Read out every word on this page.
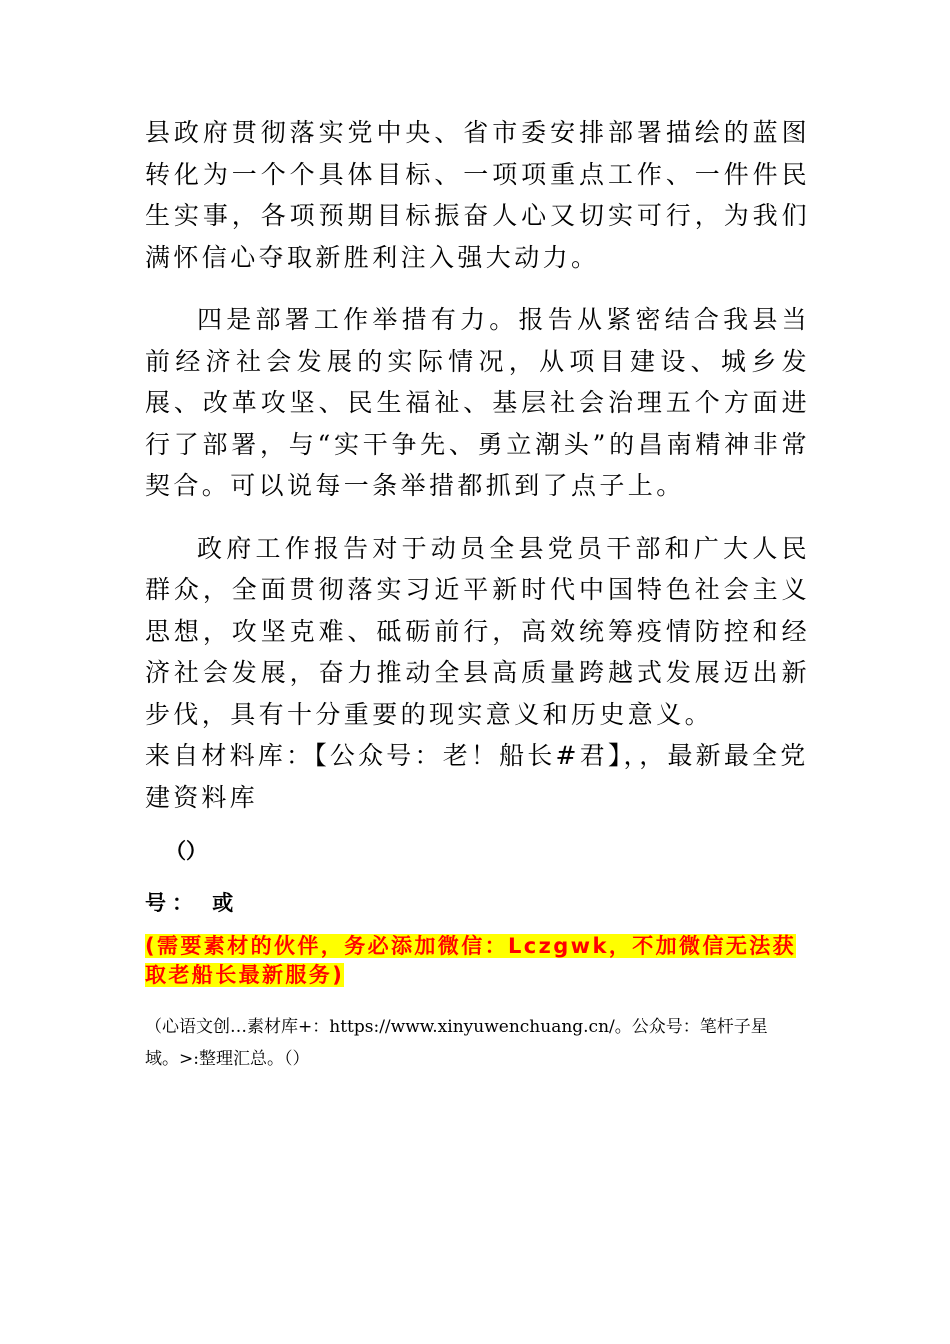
县政府贯彻落实党中央、省市委安排部署描绘的蓝图转化为一个个具体目标、一项项重点工作、一件件民生实事，各项预期目标振奋人心又切实可行，为我们满怀信心夺取新胜利注入强大动力。

四是部署工作举措有力。报告从紧密结合我县当前经济社会发展的实际情况，从项目建设、城乡发展、改革攻坚、民生福祉、基层社会治理五个方面进行了部署，与“实干争先、勇立潮头”的昌南精神非常契合。可以说每一条举措都抓到了点子上。

政府工作报告对于动员全县党员干部和广大人民群众，全面贯彻落实习近平新时代中国特色社会主义思想，攻坚克难、砥砺前行，高效统筹疫情防控和经济社会发展，奋力推动全县高质量跨越式发展迈出新步伐，具有十分重要的现实意义和历史意义。

来自材料库：【公众号：老！船长#君】，，最新最全党建资料库

（）

号： 或

(需要素材的伙伴，务必添加微信：Lczgwk，不加微信无法获取老船长最新服务)

（心语文创…素材库+：https://www.xinyuwenchuang.cn/。公众号：笔杆子星域。>:整理汇总。（）
